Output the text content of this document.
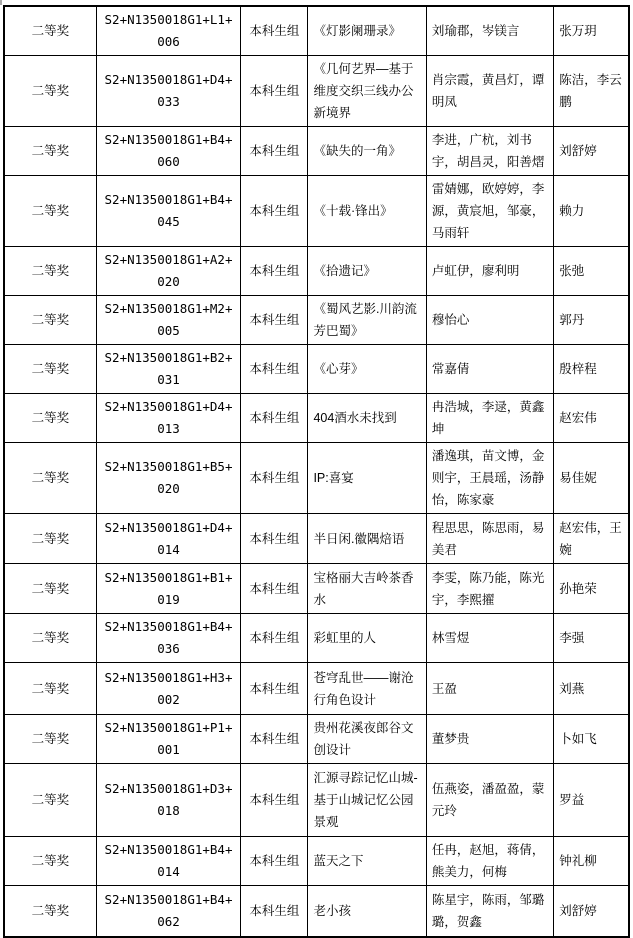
二等奖	S2+N1350018G1+L1+006	本科生组	《灯影阑珊录》	刘瑜郡，岑镁言	张万玥
二等奖	S2+N1350018G1+D4+033	本科生组	《几何艺界—基于维度交织三线办公新境界	肖宗霞，黄昌灯，谭明凤	陈洁，李云鹏
二等奖	S2+N1350018G1+B4+060	本科生组	《缺失的一角》	李进，广杭，刘书宇，胡昌灵，阳善熠	刘舒婷
二等奖	S2+N1350018G1+B4+045	本科生组	《十载·锋出》	雷婧娜，欧婷婷，李源，黄宸旭，邹豪，马雨轩	赖力
二等奖	S2+N1350018G1+A2+020	本科生组	《拾遗记》	卢虹伊，廖利明	张弛
二等奖	S2+N1350018G1+M2+005	本科生组	《蜀风艺影.川韵流芳巴蜀》	穆怡心	郭丹
二等奖	S2+N1350018G1+B2+031	本科生组	《心芽》	常嘉倩	殷梓程
二等奖	S2+N1350018G1+D4+013	本科生组	404酒水未找到	冉浩城，李逯，黄鑫坤	赵宏伟
二等奖	S2+N1350018G1+B5+020	本科生组	IP:喜宴	潘逸琪，苗文博，金则宇，王晨瑶，汤静怡，陈家豪	易佳妮
二等奖	S2+N1350018G1+D4+014	本科生组	半日闲.徽隅焙语	程思思，陈思雨，易美君	赵宏伟，王婉
二等奖	S2+N1350018G1+B1+019	本科生组	宝格丽大吉岭茶香水	李雯，陈乃能，陈光宇，李熙擢	孙艳荣
二等奖	S2+N1350018G1+B4+036	本科生组	彩虹里的人	林雪煜	李强
二等奖	S2+N1350018G1+H3+002	本科生组	苍穹乱世——谢沧行角色设计	王盈	刘燕
二等奖	S2+N1350018G1+P1+001	本科生组	贵州花溪夜郎谷文创设计	董梦贵	卜如飞
二等奖	S2+N1350018G1+D3+018	本科生组	汇源寻踪记忆山城-基于山城记忆公园景观	伍燕姿，潘盈盈，蒙元玲	罗益
二等奖	S2+N1350018G1+B4+014	本科生组	蓝天之下	任冉，赵旭，蒋倩，熊美力，何梅	钟礼柳
二等奖	S2+N1350018G1+B4+062	本科生组	老小孩	陈星宇，陈雨，邹璐璐，贺鑫	刘舒婷
